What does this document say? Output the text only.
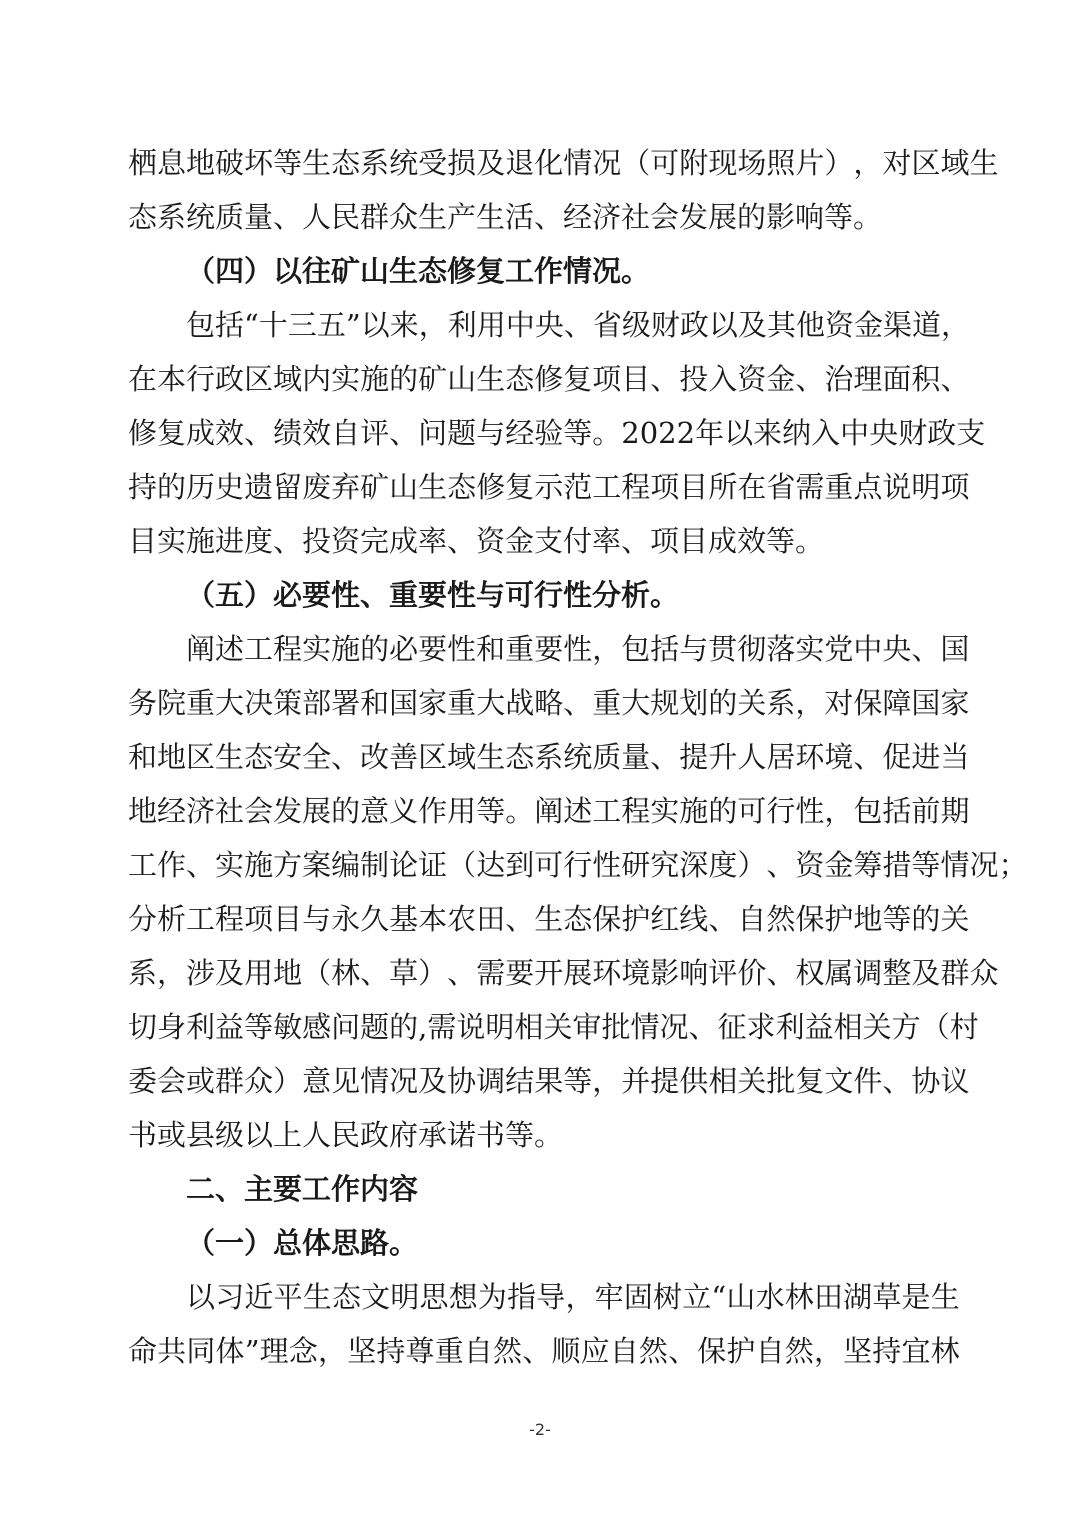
栖 息 地 破 坏 等 生 态 系 统 受 损 及 退 化 情 况 （ 可 附 现 场 照 片 ） ， 对 区 域 生
态系统质量、人民群众生产生活、经济社会发展的影响等。
（四）以往矿山生态修复工作情况。
包 括 “ 十 三 五 ” 以 来 ， 利 用 中 央 、 省 级 财 政 以 及 其 他 资 金 渠 道 ，
在 本 行 政 区 域 内 实 施 的 矿 山 生 态 修 复 项 目 、 投 入 资 金 、 治 理 面 积 、
修 复 成 效 、 绩 效 自 评 、 问 题 与 经 验 等 。 2 0 2 2 年 以 来 纳 入 中 央 财 政 支
持 的 历 史 遗 留 废 弃 矿 山 生 态 修 复 示 范 工 程 项 目 所 在 省 需 重 点 说 明 项
目实施进度、投资完成率、资金支付率、项目成效等。
（五）必要性、重要性与可行性分析。
阐 述 工 程 实 施 的 必 要 性 和 重 要 性 ， 包 括 与 贯 彻 落 实 党 中 央 、 国
务 院 重 大 决 策 部 署 和 国 家 重 大 战 略 、 重 大 规 划 的 关 系 ， 对 保 障 国 家
和 地 区 生 态 安 全 、 改 善 区 域 生 态 系 统 质 量 、 提 升 人 居 环 境 、 促 进 当
地 经 济 社 会 发 展 的 意 义 作 用 等 。 阐 述 工 程 实 施 的 可 行 性 ， 包 括 前 期
工 作 、 实 施 方 案 编 制 论 证 （ 达 到 可 行 性 研 究 深 度 ） 、 资 金 筹 措 等 情 况 ；
分 析 工 程 项 目 与 永 久 基 本 农 田 、 生 态 保 护 红 线 、 自 然 保 护 地 等 的 关
系 ， 涉 及 用 地 （ 林 、 草 ） 、 需 要 开 展 环 境 影 响 评 价 、 权 属 调 整 及 群 众
切 身 利 益 等 敏 感 问 题 的 , 需 说 明 相 关 审 批 情 况 、 征 求 利 益 相 关 方 （ 村
委 会 或 群 众 ） 意 见 情 况 及 协 调 结 果 等 ， 并 提 供 相 关 批 复 文 件 、 协 议
书或县级以上人民政府承诺书等。
二、主要工作内容
（一）总体思路。
以 习 近 平 生 态 文 明 思 想 为 指 导 ， 牢 固 树 立 “ 山 水 林 田 湖 草 是 生
命 共 同 体 ” 理 念 ， 坚 持 尊 重 自 然 、 顺 应 自 然 、 保 护 自 然 ， 坚 持 宜 林
-2-
